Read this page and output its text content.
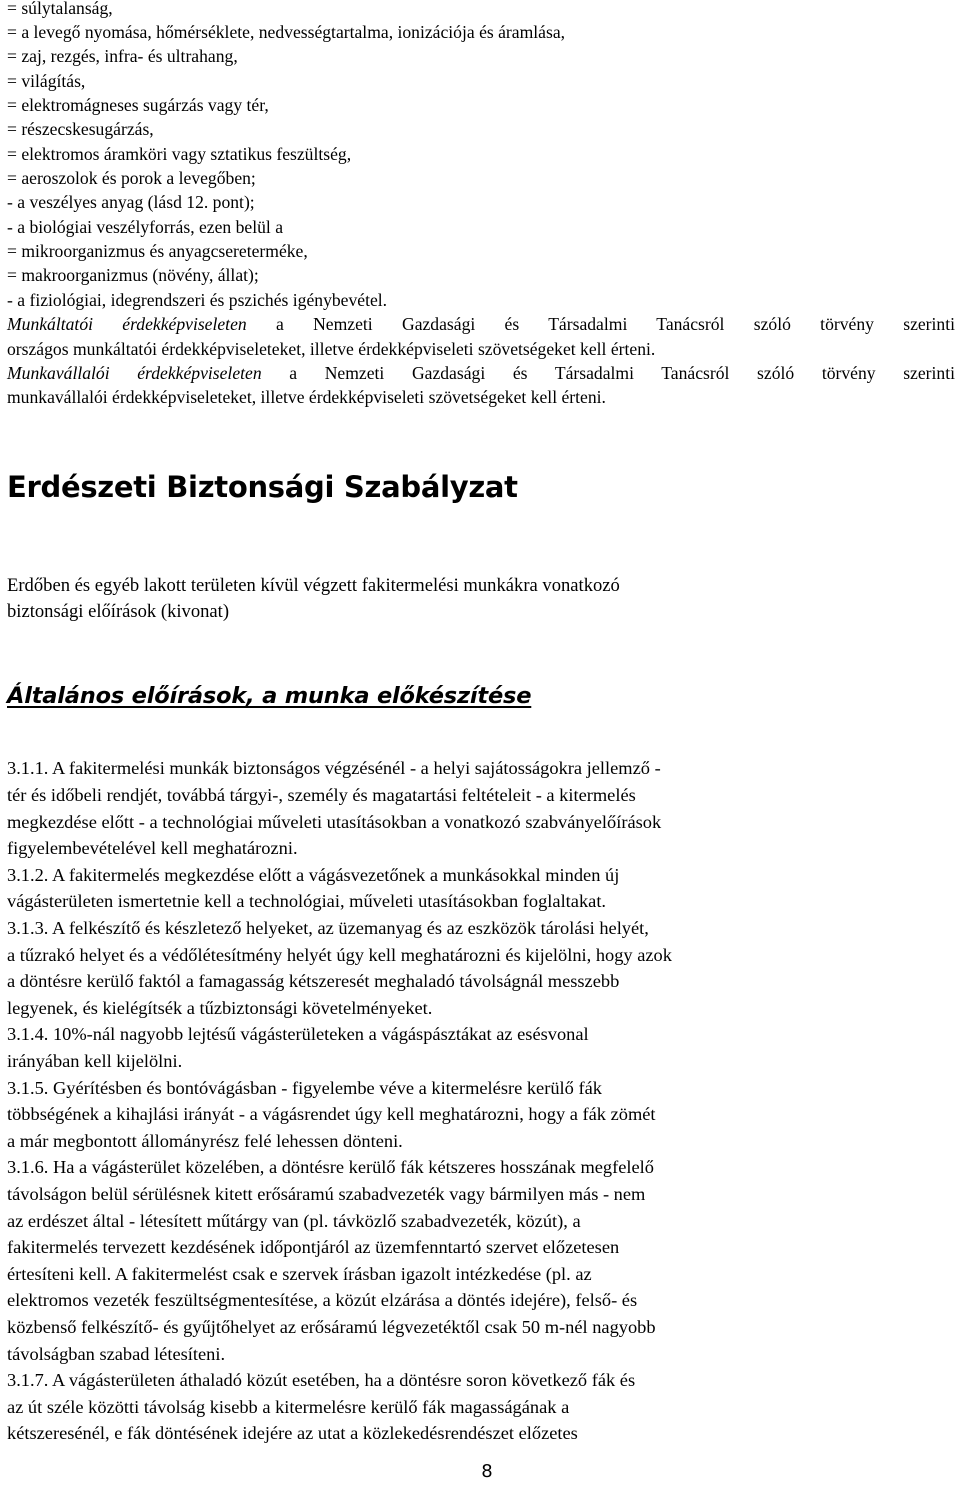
= súlytalanság,
= a levegő nyomása, hőmérséklete, nedvességtartalma, ionizációja és áramlása,
= zaj, rezgés, infra- és ultrahang,
= világítás,
= elektromágneses sugárzás vagy tér,
= részecskesugárzás,
= elektromos áramköri vagy sztatikus feszültség,
= aeroszolok és porok a levegőben;
- a veszélyes anyag (lásd 12. pont);
- a biológiai veszélyforrás, ezen belül a
= mikroorganizmus és anyagcsereterméke,
= makroorganizmus (növény, állat);
- a fiziológiai, idegrendszeri és pszichés igénybevétel.
Munkáltatói érdekképviseleten a Nemzeti Gazdasági és Társadalmi Tanácsról szóló törvény szerinti
országos munkáltatói érdekképviseleteket, illetve érdekképviseleti szövetségeket kell érteni.
Munkavállalói érdekképviseleten a Nemzeti Gazdasági és Társadalmi Tanácsról szóló törvény szerinti
munkavállalói érdekképviseleteket, illetve érdekképviseleti szövetségeket kell érteni.
Erdészeti Biztonsági Szabályzat
Erdőben és egyéb lakott területen kívül végzett fakitermelési munkákra vonatkozó
biztonsági előírások (kivonat)
Általános előírások, a munka előkészítése
3.1.1. A fakitermelési munkák biztonságos végzésénél - a helyi sajátosságokra jellemző -
tér és időbeli rendjét, továbbá tárgyi-, személy és magatartási feltételeit - a kitermelés
megkezdése előtt - a technológiai műveleti utasításokban a vonatkozó szabványelőírások
figyelembevételével kell meghatározni.
3.1.2. A fakitermelés megkezdése előtt a vágásvezetőnek a munkásokkal minden új
vágásterületen ismertetnie kell a technológiai, műveleti utasításokban foglaltakat.
3.1.3. A felkészítő és készletező helyeket, az üzemanyag és az eszközök tárolási helyét,
a tűzrakó helyet és a védőlétesítmény helyét úgy kell meghatározni és kijelölni, hogy azok
a döntésre kerülő faktól a famagasság kétszeresét meghaladó távolságnál messzebb
legyenek, és kielégítsék a tűzbiztonsági követelményeket.
3.1.4. 10%-nál nagyobb lejtésű vágásterületeken a vágáspásztákat az esésvonal
irányában kell kijelölni.
3.1.5. Gyérítésben és bontóvágásban - figyelembe véve a kitermelésre kerülő fák
többségének a kihajlási irányát - a vágásrendet úgy kell meghatározni, hogy a fák zömét
a már megbontott állományrész felé lehessen dönteni.
3.1.6. Ha a vágásterület közelében, a döntésre kerülő fák kétszeres hosszának megfelelő
távolságon belül sérülésnek kitett erősáramú szabadvezeték vagy bármilyen más - nem
az erdészet által - létesített műtárgy van (pl. távközlő szabadvezeték, közút), a
fakitermelés tervezett kezdésének időpontjáról az üzemfenntartó szervet előzetesen
értesíteni kell. A fakitermelést csak e szervek írásban igazolt intézkedése (pl. az
elektromos vezeték feszültségmentesítése, a közút elzárása a döntés idejére), felső- és
közbenső felkészítő- és gyűjtőhelyet az erősáramú légvezetéktől csak 50 m-nél nagyobb
távolságban szabad létesíteni.
3.1.7. A vágásterületen áthaladó közút esetében, ha a döntésre soron következő fák és
az út széle közötti távolság kisebb a kitermelésre kerülő fák magasságának a
kétszeresénél, e fák döntésének idejére az utat a közlekedésrendészet előzetes
8
